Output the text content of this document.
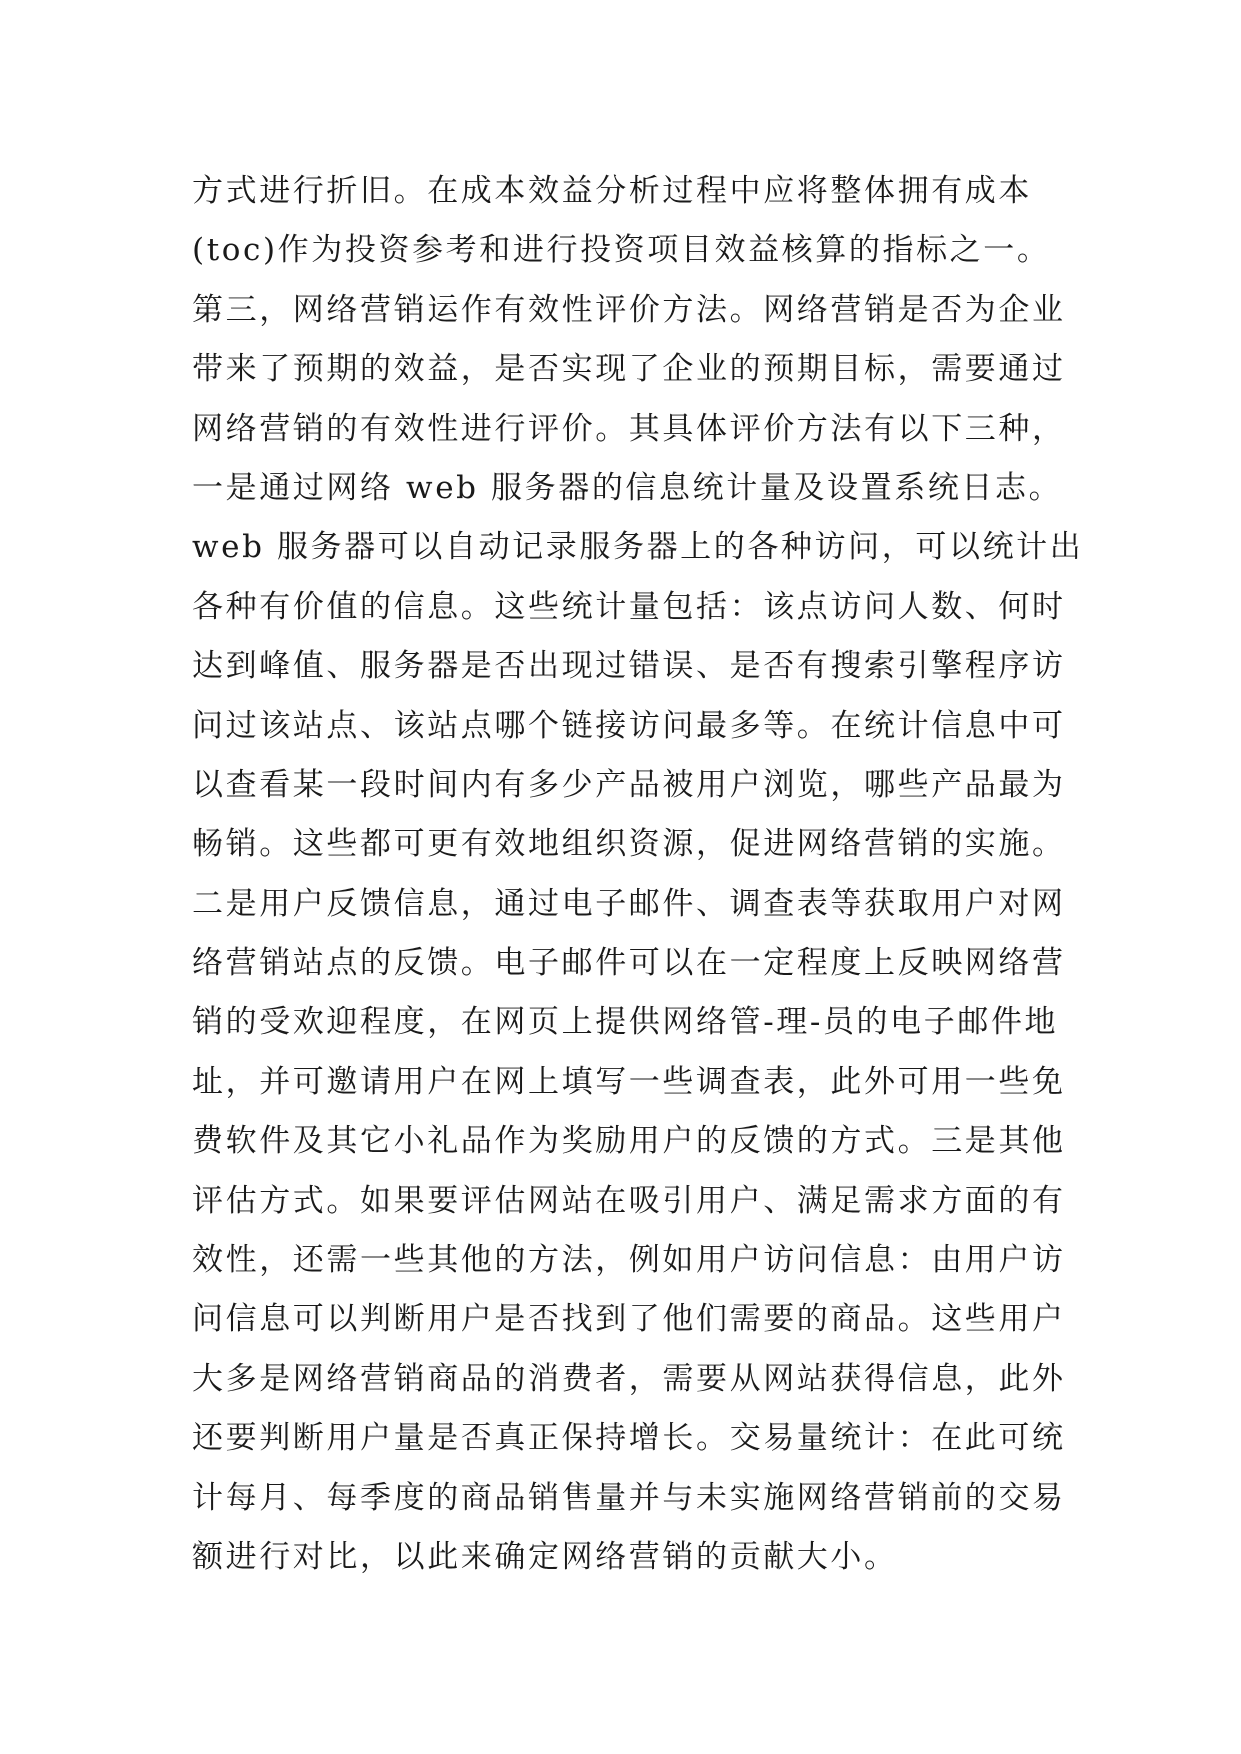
方式进行折旧。在成本效益分析过程中应将整体拥有成本
(toc)作为投资参考和进行投资项目效益核算的指标之一。
第三，网络营销运作有效性评价方法。网络营销是否为企业
带来了预期的效益，是否实现了企业的预期目标，需要通过
网络营销的有效性进行评价。其具体评价方法有以下三种，
一是通过网络 web 服务器的信息统计量及设置系统日志。
web 服务器可以自动记录服务器上的各种访问，可以统计出
各种有价值的信息。这些统计量包括：该点访问人数、何时
达到峰值、服务器是否出现过错误、是否有搜索引擎程序访
问过该站点、该站点哪个链接访问最多等。在统计信息中可
以查看某一段时间内有多少产品被用户浏览，哪些产品最为
畅销。这些都可更有效地组织资源，促进网络营销的实施。
二是用户反馈信息，通过电子邮件、调查表等获取用户对网
络营销站点的反馈。电子邮件可以在一定程度上反映网络营
销的受欢迎程度，在网页上提供网络管-理-员的电子邮件地
址，并可邀请用户在网上填写一些调查表，此外可用一些免
费软件及其它小礼品作为奖励用户的反馈的方式。三是其他
评估方式。如果要评估网站在吸引用户、满足需求方面的有
效性，还需一些其他的方法，例如用户访问信息：由用户访
问信息可以判断用户是否找到了他们需要的商品。这些用户
大多是网络营销商品的消费者，需要从网站获得信息，此外
还要判断用户量是否真正保持增长。交易量统计：在此可统
计每月、每季度的商品销售量并与未实施网络营销前的交易
额进行对比，以此来确定网络营销的贡献大小。
